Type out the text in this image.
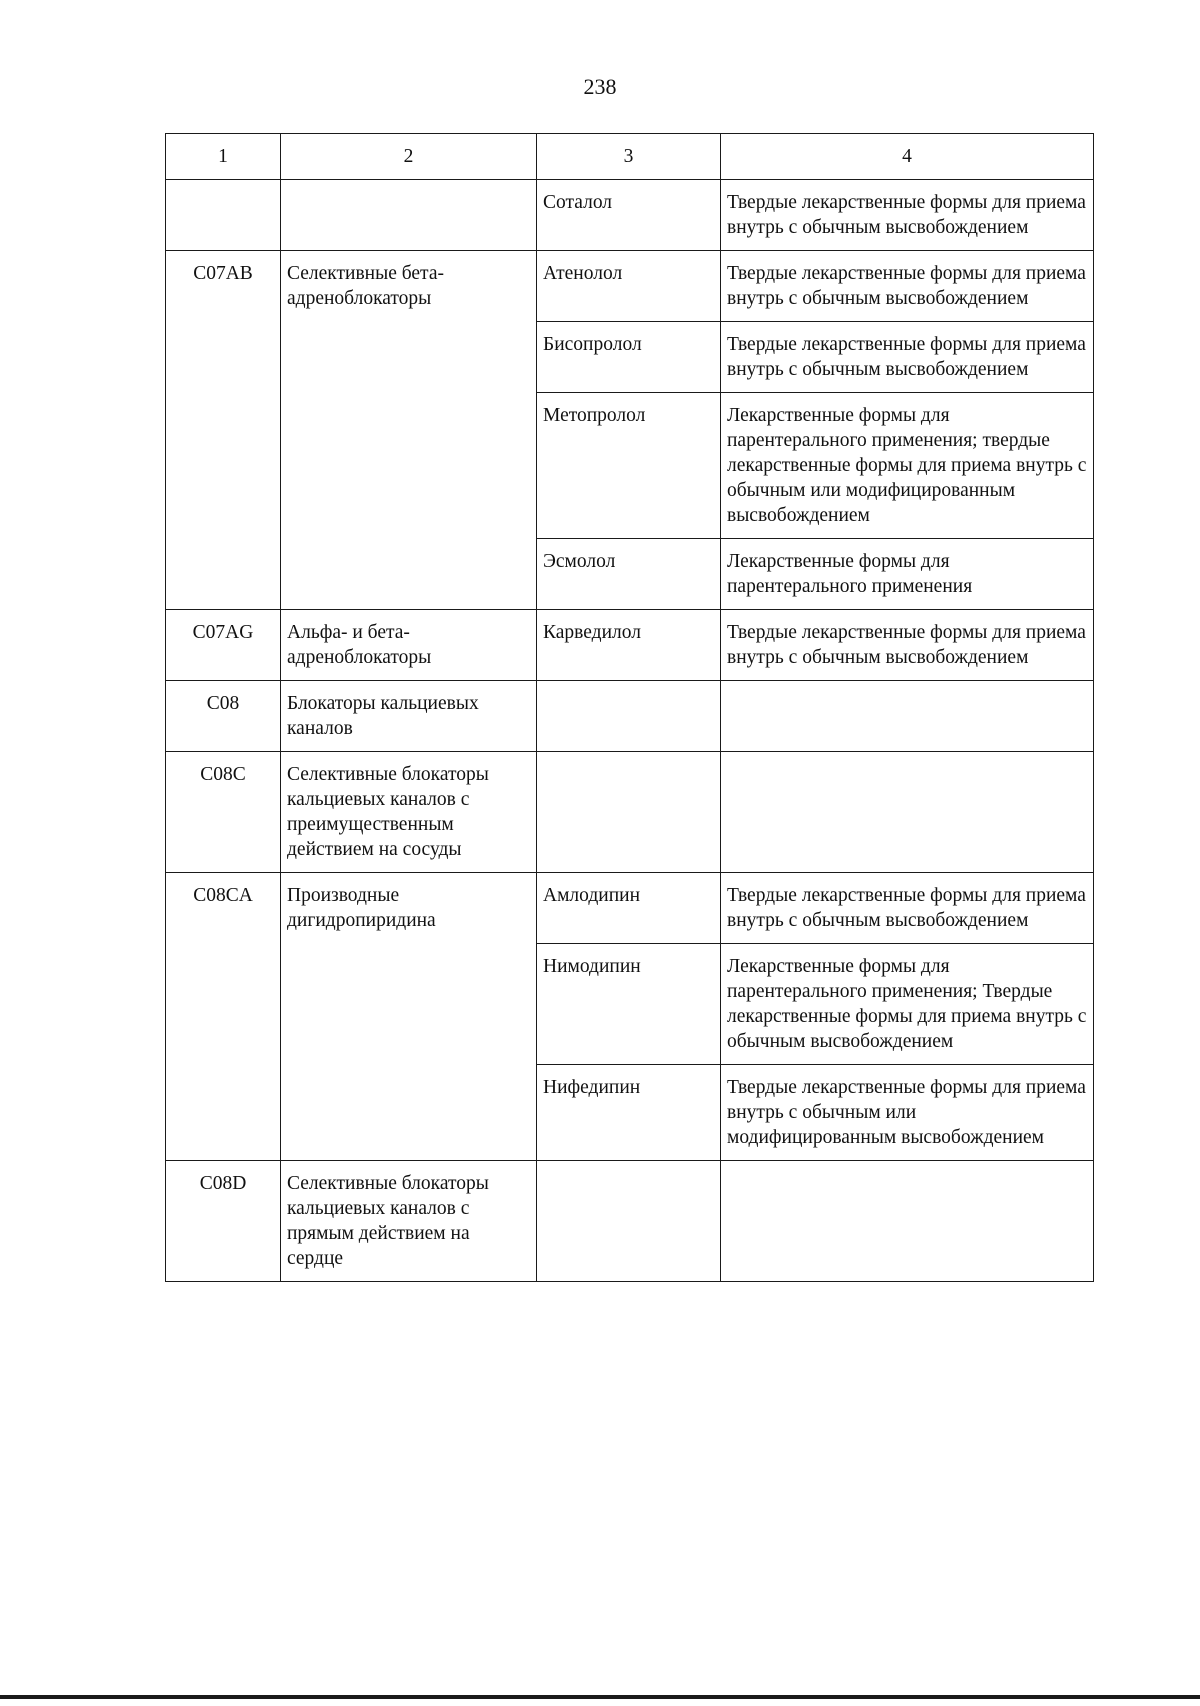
238
1	2	3	4
		Соталол	Твердые лекарственные формы для приема внутрь с обычным высвобождением
C07AB	Селективные бета-адреноблокаторы	Атенолол	Твердые лекарственные формы для приема внутрь с обычным высвобождением
		Бисопролол	Твердые лекарственные формы для приема внутрь с обычным высвобождением
		Метопролол	Лекарственные формы для парентерального применения; твердые лекарственные формы для приема внутрь с обычным или модифицированным высвобождением
		Эсмолол	Лекарственные формы для парентерального применения
C07AG	Альфа- и бета-адреноблокаторы	Карведилол	Твердые лекарственные формы для приема внутрь с обычным высвобождением
C08	Блокаторы кальциевых каналов		
C08C	Селективные блокаторы кальциевых каналов с преимущественным действием на сосуды		
C08CA	Производные дигидропиридина	Амлодипин	Твердые лекарственные формы для приема внутрь с обычным высвобождением
		Нимодипин	Лекарственные формы для парентерального применения; Твердые лекарственные формы для приема внутрь с обычным высвобождением
		Нифедипин	Твердые лекарственные формы для приема внутрь с обычным или модифицированным высвобождением
C08D	Селективные блокаторы кальциевых каналов с прямым действием на сердце		
